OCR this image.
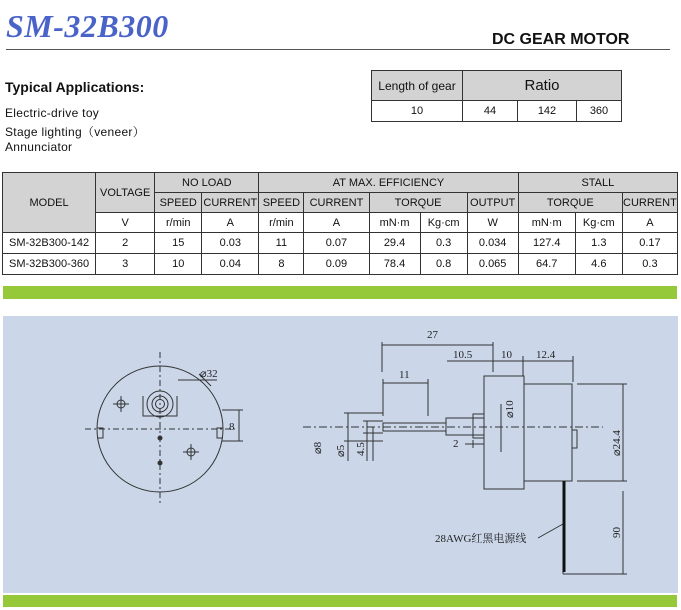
SM-32B300	DC GEAR MOTOR
Typical Applications:
Electric-drive toy
Stage lighting（veneer）
Annunciator
Length of gear	Ratio		
10	44	142	360
MODEL	VOLTAGE	NO LOAD		AT MAX. EFFICIENCY					STALL		
		SPEED	CURRENT	SPEED	CURRENT	TORQUE		OUTPUT	TORQUE		CURRENT
	V	r/min	A	r/min	A	mN·m	Kg·cm	W	mN·m	Kg·cm	A
SM-32B300-142	2	15	0.03	11	0.07	29.4	0.3	0.034	127.4	1.3	0.17
SM-32B300-360	3	10	0.04	8	0.09	78.4	0.8	0.065	64.7	4.6	0.3
⌀32
8
27
10.5	10 12.4
11
⌀8 ⌀5 4.5
⌀10
2	⌀24.4
90
28AWG红黑电源线
